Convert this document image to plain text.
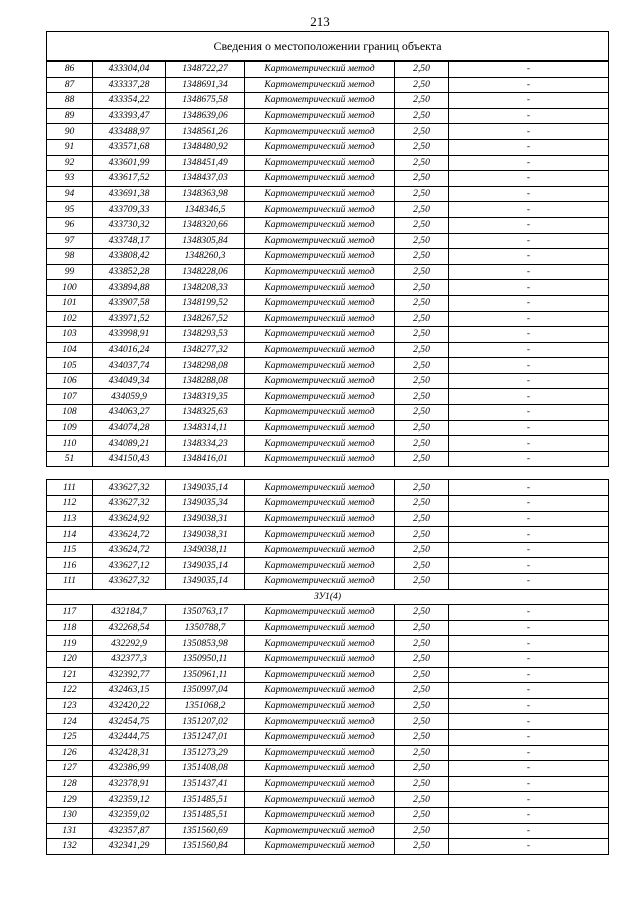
213
Сведения о местоположении границ объекта					
86	433304,04	1348722,27	Картометрический метод	2,50	-
87	433337,28	1348691,34	Картометрический метод	2,50	-
88	433354,22	1348675,58	Картометрический метод	2,50	-
89	433393,47	1348639,06	Картометрический метод	2,50	-
90	433488,97	1348561,26	Картометрический метод	2,50	-
91	433571,68	1348480,92	Картометрический метод	2,50	-
92	433601,99	1348451,49	Картометрический метод	2,50	-
93	433617,52	1348437,03	Картометрический метод	2,50	-
94	433691,38	1348363,98	Картометрический метод	2,50	-
95	433709,33	1348346,5	Картометрический метод	2,50	-
96	433730,32	1348320,66	Картометрический метод	2,50	-
97	433748,17	1348305,84	Картометрический метод	2,50	-
98	433808,42	1348260,3	Картометрический метод	2,50	-
99	433852,28	1348228,06	Картометрический метод	2,50	-
100	433894,88	1348208,33	Картометрический метод	2,50	-
101	433907,58	1348199,52	Картометрический метод	2,50	-
102	433971,52	1348267,52	Картометрический метод	2,50	-
103	433998,91	1348293,53	Картометрический метод	2,50	-
104	434016,24	1348277,32	Картометрический метод	2,50	-
105	434037,74	1348298,08	Картометрический метод	2,50	-
106	434049,34	1348288,08	Картометрический метод	2,50	-
107	434059,9	1348319,35	Картометрический метод	2,50	-
108	434063,27	1348325,63	Картометрический метод	2,50	-
109	434074,28	1348314,11	Картометрический метод	2,50	-
110	434089,21	1348334,23	Картометрический метод	2,50	-
51	434150,43	1348416,01	Картометрический метод	2,50	-

111	433627,32	1349035,14	Картометрический метод	2,50	-
112	433627,32	1349035,34	Картометрический метод	2,50	-
113	433624,92	1349038,31	Картометрический метод	2,50	-
114	433624,72	1349038,31	Картометрический метод	2,50	-
115	433624,72	1349038,11	Картометрический метод	2,50	-
116	433627,12	1349035,14	Картометрический метод	2,50	-
111	433627,32	1349035,14	Картометрический метод	2,50	-
ЗУ1(4)					
117	432184,7	1350763,17	Картометрический метод	2,50	-
118	432268,54	1350788,7	Картометрический метод	2,50	-
119	432292,9	1350853,98	Картометрический метод	2,50	-
120	432377,3	1350950,11	Картометрический метод	2,50	-
121	432392,77	1350961,11	Картометрический метод	2,50	-
122	432463,15	1350997,04	Картометрический метод	2,50	-
123	432420,22	1351068,2	Картометрический метод	2,50	-
124	432454,75	1351207,02	Картометрический метод	2,50	-
125	432444,75	1351247,01	Картометрический метод	2,50	-
126	432428,31	1351273,29	Картометрический метод	2,50	-
127	432386,99	1351408,08	Картометрический метод	2,50	-
128	432378,91	1351437,41	Картометрический метод	2,50	-
129	432359,12	1351485,51	Картометрический метод	2,50	-
130	432359,02	1351485,51	Картометрический метод	2,50	-
131	432357,87	1351560,69	Картометрический метод	2,50	-
132	432341,29	1351560,84	Картометрический метод	2,50	-
